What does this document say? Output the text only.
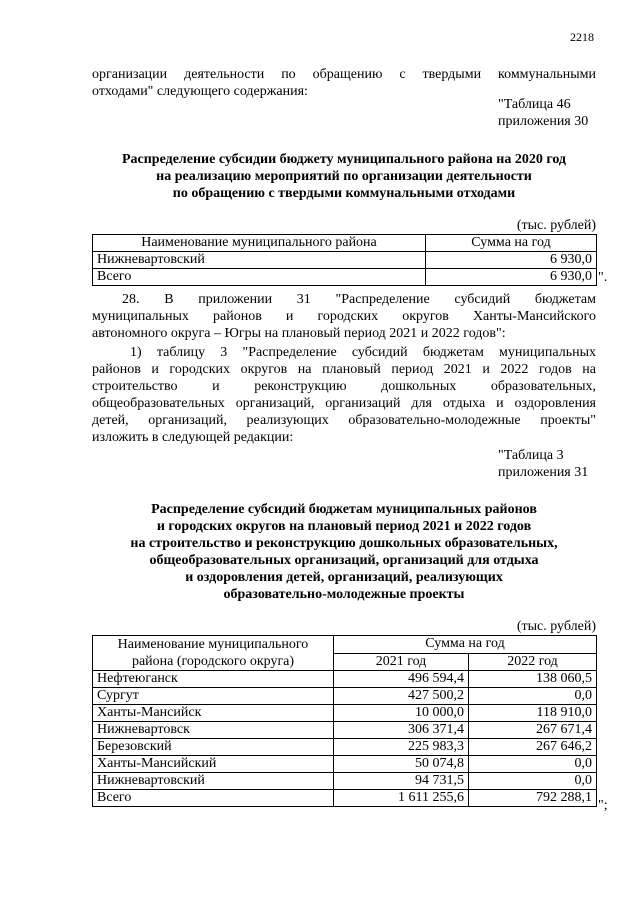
2218
организации деятельности по обращению с твердыми коммунальными
отходами" следующего содержания:
"Таблица 46
приложения 30
Распределение субсидии бюджету муниципального района на 2020 год
на реализацию мероприятий по организации деятельности
по обращению с твердыми коммунальными отходами
(тыс. рублей)
Наименование муниципального района	Сумма на год
Нижневартовский	6 930,0
Всего	6 930,0 ".
28. В приложении 31 "Распределение субсидий бюджетам
муниципальных районов и городских округов Ханты-Мансийского
автономного округа – Югры на плановый период 2021 и 2022 годов":
1) таблицу 3 "Распределение субсидий бюджетам муниципальных
районов и городских округов на плановый период 2021 и 2022 годов на
строительство и реконструкцию дошкольных образовательных,
общеобразовательных организаций, организаций для отдыха и оздоровления
детей, организаций, реализующих образовательно-молодежные проекты"
изложить в следующей редакции:
"Таблица 3
приложения 31
Распределение субсидий бюджетам муниципальных районов
и городских округов на плановый период 2021 и 2022 годов
на строительство и реконструкцию дошкольных образовательных,
общеобразовательных организаций, организаций для отдыха
и оздоровления детей, организаций, реализующих
образовательно-молодежные проекты
(тыс. рублей)
Наименование муниципального
района (городского округа)	Сумма на год	
	2021 год	2022 год
Нефтеюганск	496 594,4	138 060,5
Сургут	427 500,2	0,0
Ханты-Мансийск	10 000,0	118 910,0
Нижневартовск	306 371,4	267 671,4
Березовский	225 983,3	267 646,2
Ханты-Мансийский	50 074,8	0,0
Нижневартовский	94 731,5	0,0
Всего	1 611 255,6	792 288,1
";
